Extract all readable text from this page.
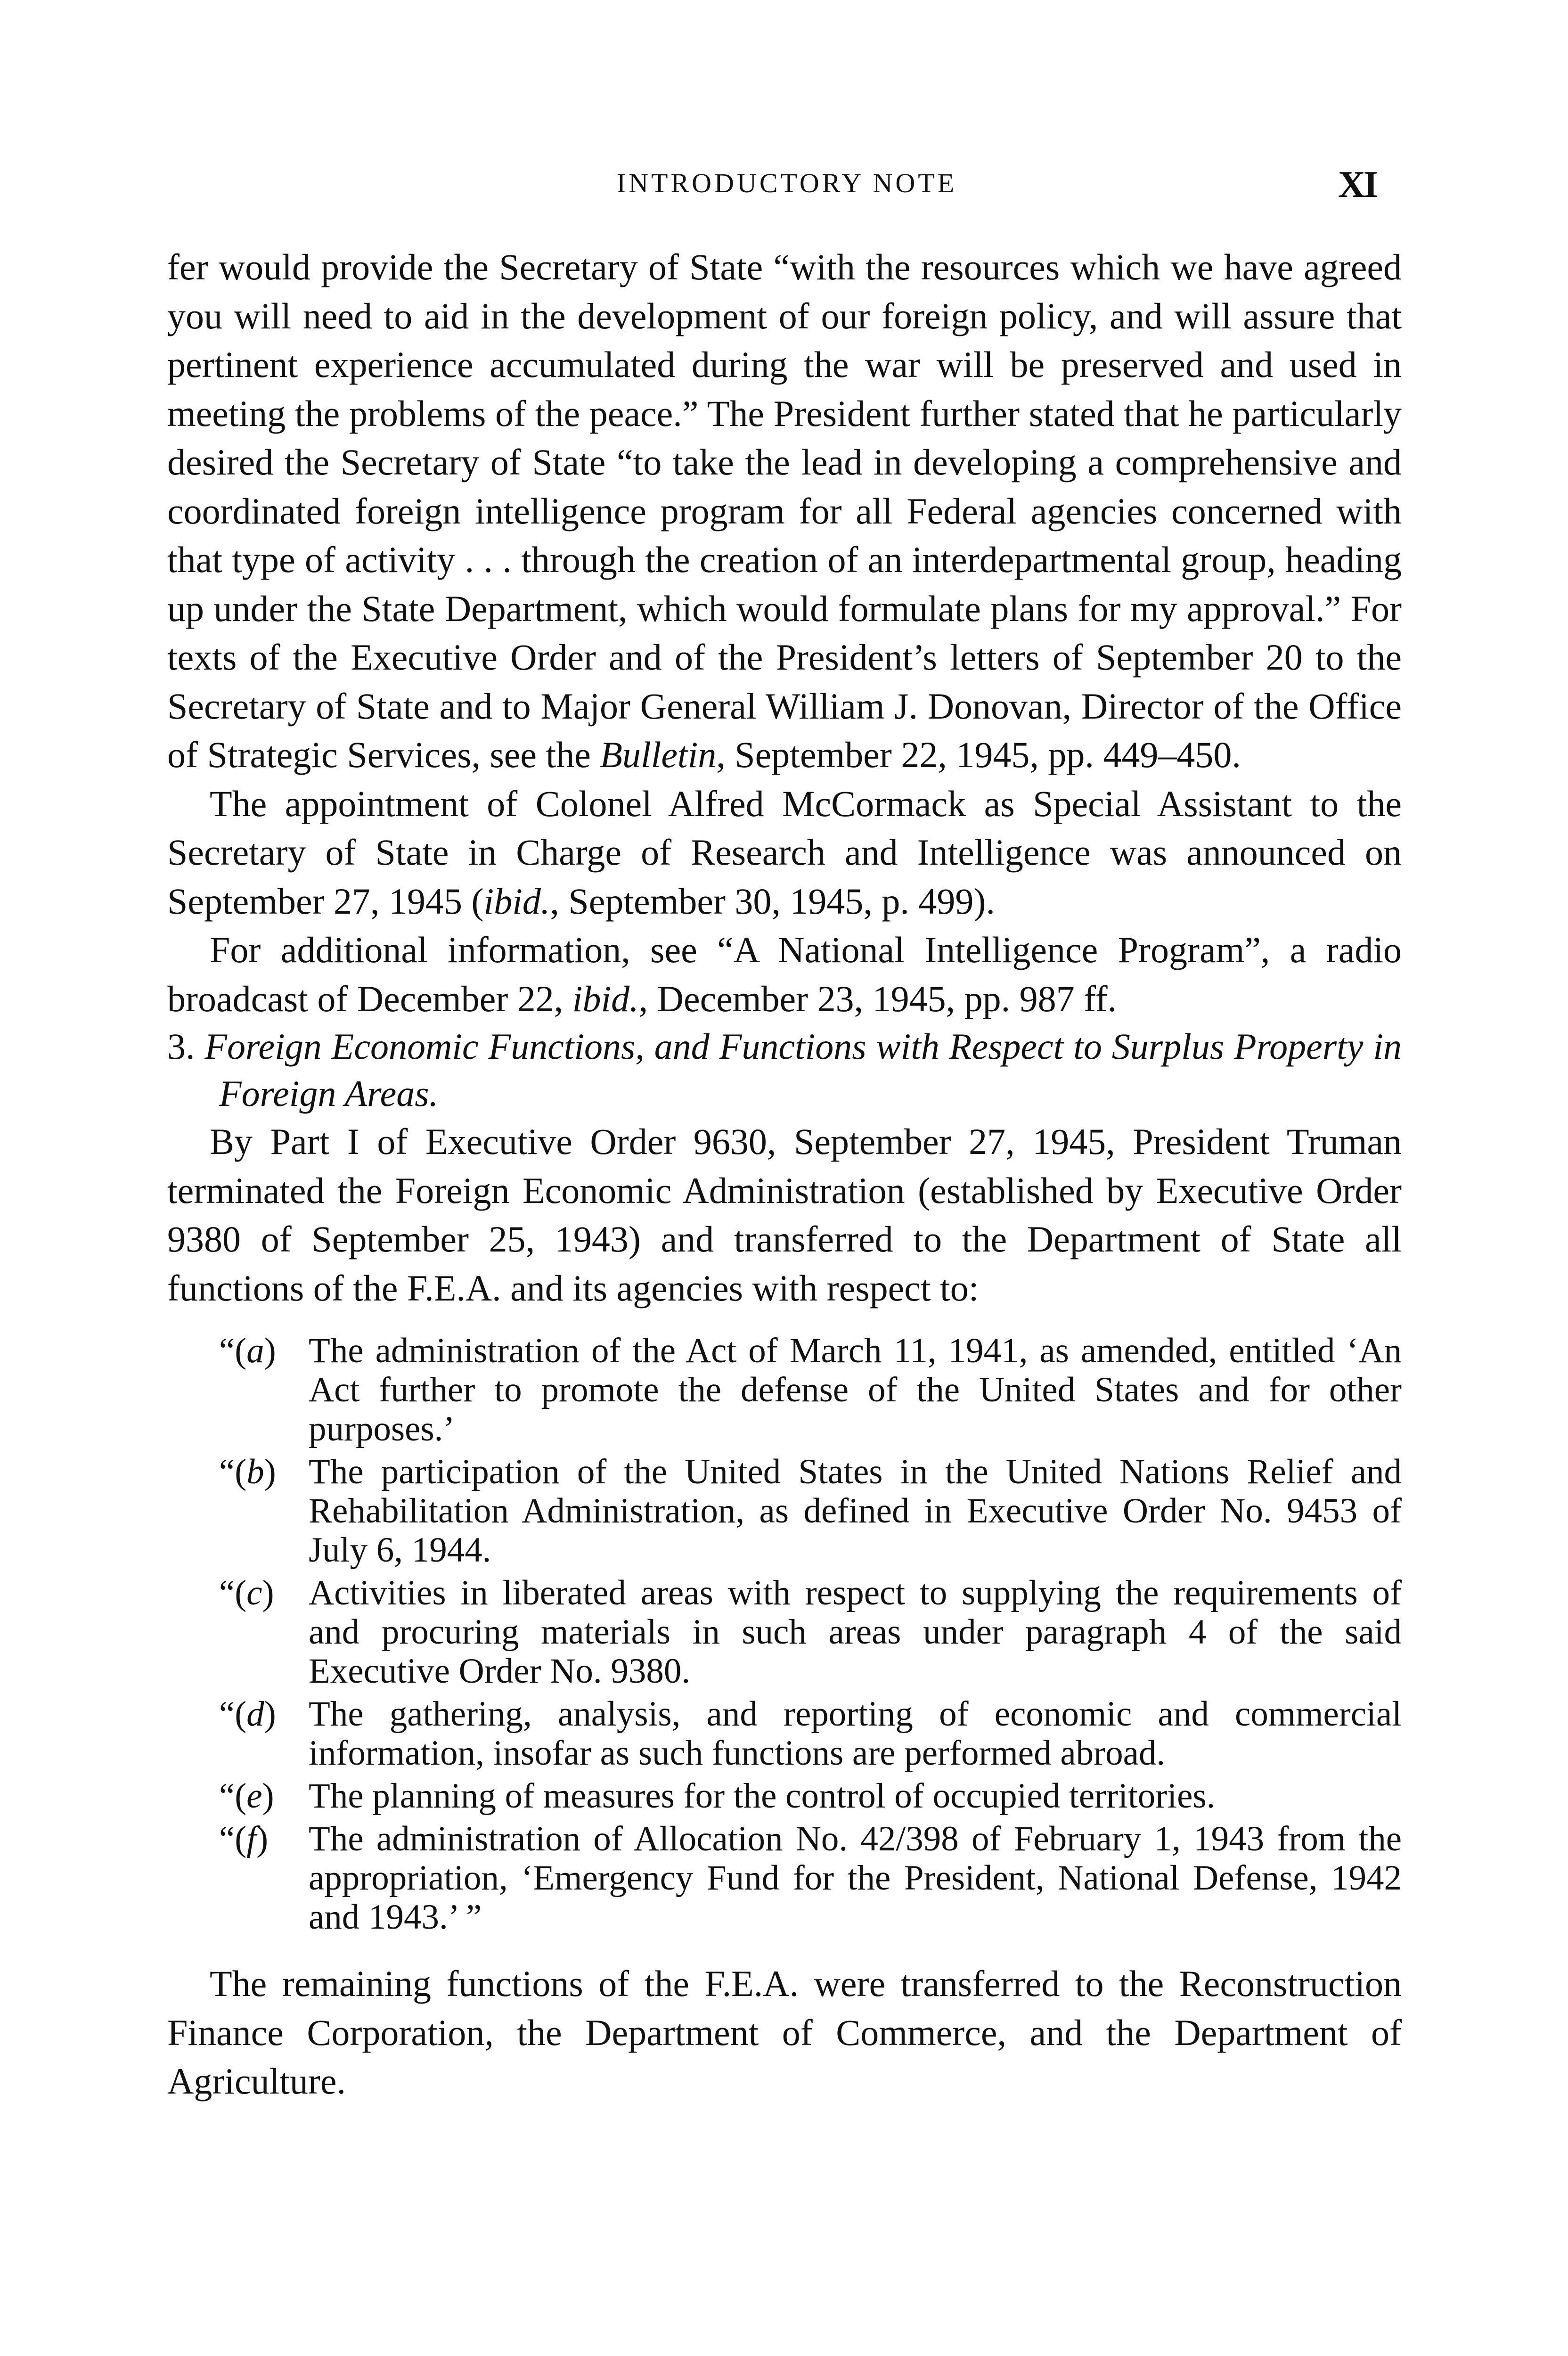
INTRODUCTORY NOTE	XI

fer would provide the Secretary of State “with the resources which we have agreed you will need to aid in the development of our foreign policy, and will assure that pertinent experience accumulated during the war will be preserved and used in meeting the problems of the peace.” The President further stated that he particularly desired the Secretary of State “to take the lead in developing a comprehensive and coordinated foreign intelligence program for all Federal agencies concerned with that type of activity . . . through the creation of an interdepartmental group, heading up under the State Department, which would formulate plans for my approval.” For texts of the Executive Order and of the President’s letters of September 20 to the Secretary of State and to Major General William J. Donovan, Director of the Office of Strategic Services, see the Bulletin, September 22, 1945, pp. 449–450.

The appointment of Colonel Alfred McCormack as Special Assistant to the Secretary of State in Charge of Research and Intelligence was announced on September 27, 1945 (ibid., September 30, 1945, p. 499).

For additional information, see “A National Intelligence Program”, a radio broadcast of December 22, ibid., December 23, 1945, pp. 987 ff.

3. Foreign Economic Functions, and Functions with Respect to Surplus Property in Foreign Areas.

By Part I of Executive Order 9630, September 27, 1945, President Truman terminated the Foreign Economic Administration (established by Executive Order 9380 of September 25, 1943) and transferred to the Department of State all functions of the F.E.A. and its agencies with respect to:

“(a) The administration of the Act of March 11, 1941, as amended, entitled ‘An Act further to promote the defense of the United States and for other purposes.’
“(b) The participation of the United States in the United Nations Relief and Rehabilitation Administration, as defined in Executive Order No. 9453 of July 6, 1944.
“(c) Activities in liberated areas with respect to supplying the requirements of and procuring materials in such areas under paragraph 4 of the said Executive Order No. 9380.
“(d) The gathering, analysis, and reporting of economic and commercial information, insofar as such functions are performed abroad.
“(e) The planning of measures for the control of occupied territories.
“(f)	The administration of Allocation No. 42/398 of February 1, 1943 from the appropriation, ‘Emergency Fund for the President, National Defense, 1942 and 1943.’ ”

The remaining functions of the F.E.A. were transferred to the Reconstruction Finance Corporation, the Department of Commerce, and the Department of Agriculture.
